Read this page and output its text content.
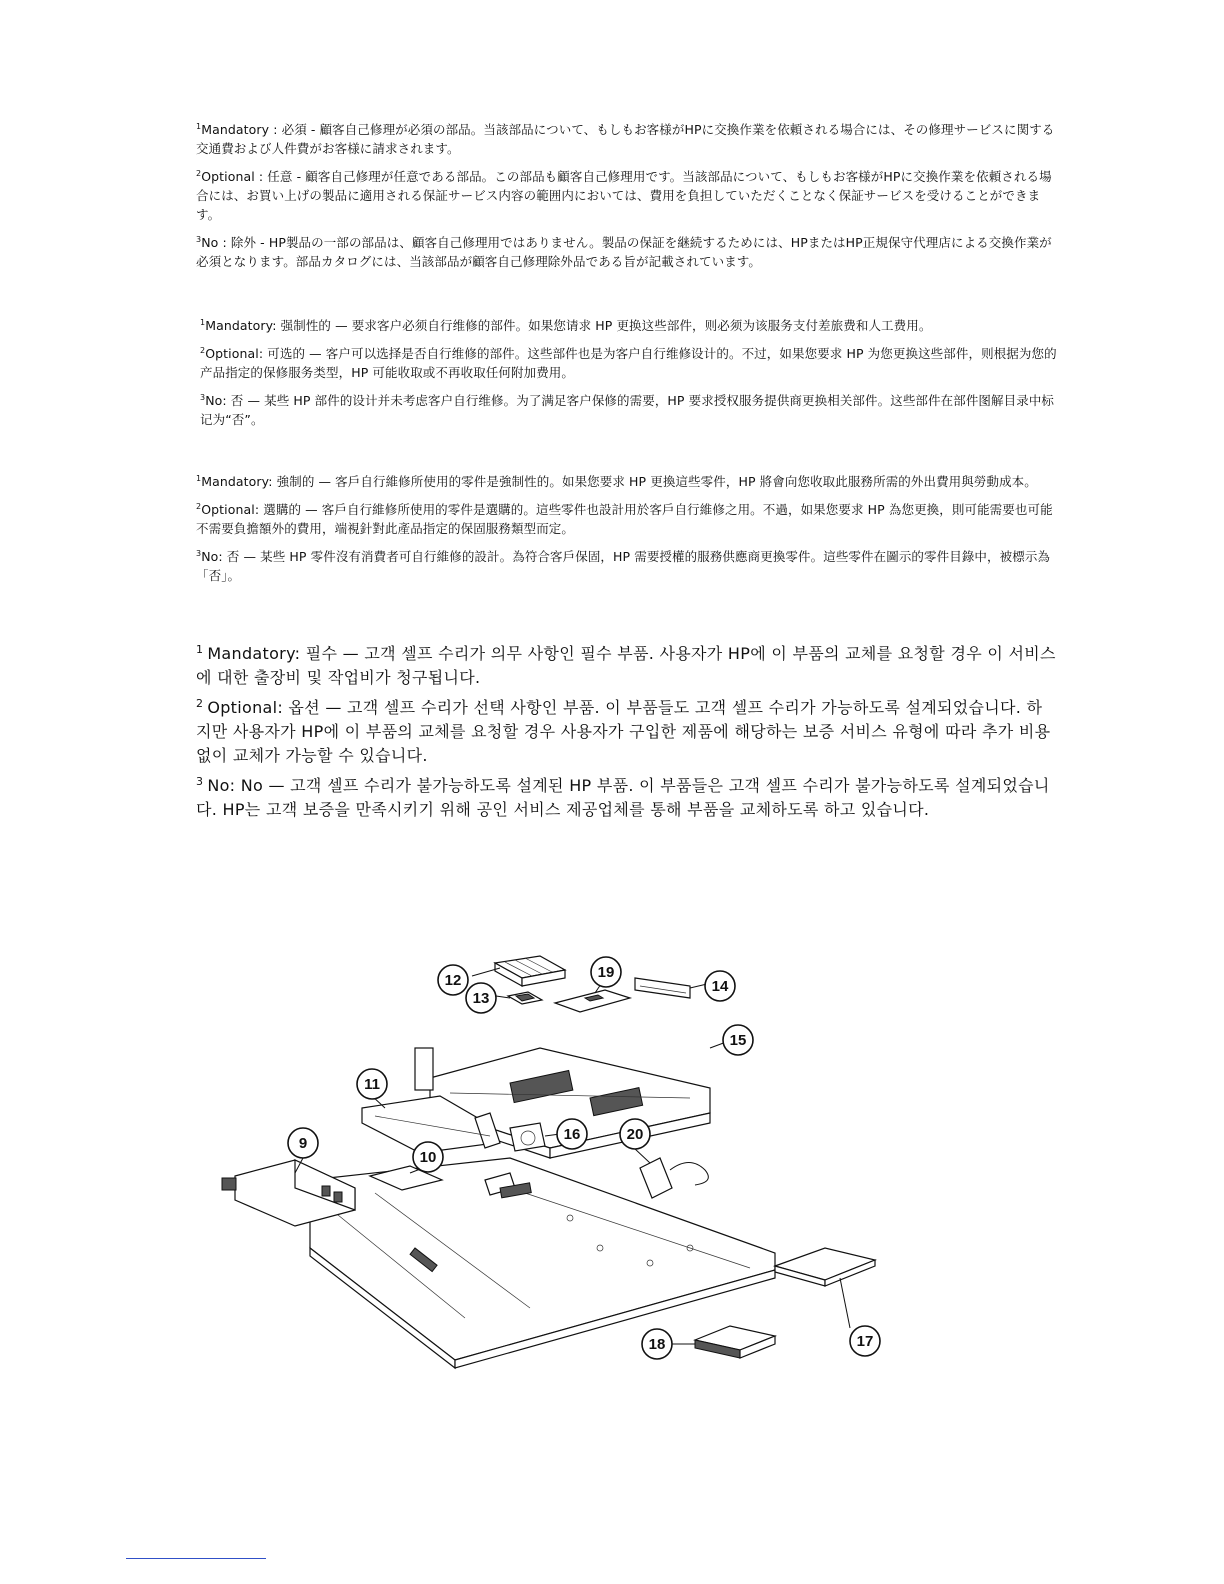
$^1$Mandatory : 必須 - 顧客自己修理が必須の部品。当該部品について、もしもお客様がHPに交換作業を依頼される場合には、その修理サービスに関する交通費および人件費がお客様に請求されます。

$^2$Optional : 任意 - 顧客自己修理が任意である部品。この部品も顧客自己修理用です。当該部品について、もしもお客様がHPに交換作業を依頼される場合には、お買い上げの製品に適用される保証サービス内容の範囲内においては、費用を負担していただくことなく保証サービスを受けることができます。

$^3$No : 除外 - HP製品の一部の部品は、顧客自己修理用ではありません。製品の保証を継続するためには、HPまたはHP正規保守代理店による交換作業が必須となります。部品カタログには、当該部品が顧客自己修理除外品である旨が記載されています。

$^1$Mandatory: 强制性的 — 要求客户必须自行维修的部件。如果您请求 HP 更换这些部件，则必须为该服务支付差旅费和人工费用。

$^2$Optional: 可选的 — 客户可以选择是否自行维修的部件。这些部件也是为客户自行维修设计的。不过，如果您要求 HP 为您更换这些部件，则根据为您的产品指定的保修服务类型，HP 可能收取或不再收取任何附加费用。

$^3$No: 否 — 某些 HP 部件的设计并未考虑客户自行维修。为了满足客户保修的需要，HP 要求授权服务提供商更换相关部件。这些部件在部件图解目录中标记为“否”。

$^1$Mandatory: 強制的 — 客戶自行維修所使用的零件是強制性的。如果您要求 HP 更換這些零件，HP 將會向您收取此服務所需的外出費用與勞動成本。

$^2$Optional: 選購的 — 客戶自行維修所使用的零件是選購的。這些零件也設計用於客戶自行維修之用。不過，如果您要求 HP 為您更換，則可能需要也可能不需要負擔額外的費用，端視針對此產品指定的保固服務類型而定。

$^3$No: 否 — 某些 HP 零件沒有消費者可自行維修的設計。為符合客戶保固，HP 需要授權的服務供應商更換零件。這些零件在圖示的零件目錄中，被標示為「否」。

$^1$ Mandatory: 필수 — 고객 셀프 수리가 의무 사항인 필수 부품. 사용자가 HP에 이 부품의 교체를 요청할 경우 이 서비스에 대한 출장비 및 작업비가 청구됩니다.

$^2$ Optional: 옵션 — 고객 셀프 수리가 선택 사항인 부품. 이 부품들도 고객 셀프 수리가 가능하도록 설계되었습니다. 하지만 사용자가 HP에 이 부품의 교체를 요청할 경우 사용자가 구입한 제품에 해당하는 보증 서비스 유형에 따라 추가 비용 없이 교체가 가능할 수 있습니다.

$^3$ No: No — 고객 셀프 수리가 불가능하도록 설계된 HP 부품. 이 부품들은 고객 셀프 수리가 불가능하도록 설계되었습니다. HP는 고객 보증을 만족시키기 위해 공인 서비스 제공업체를 통해 부품을 교체하도록 하고 있습니다.

12
13
19
14
15
11
9
10
16	20
17
18
